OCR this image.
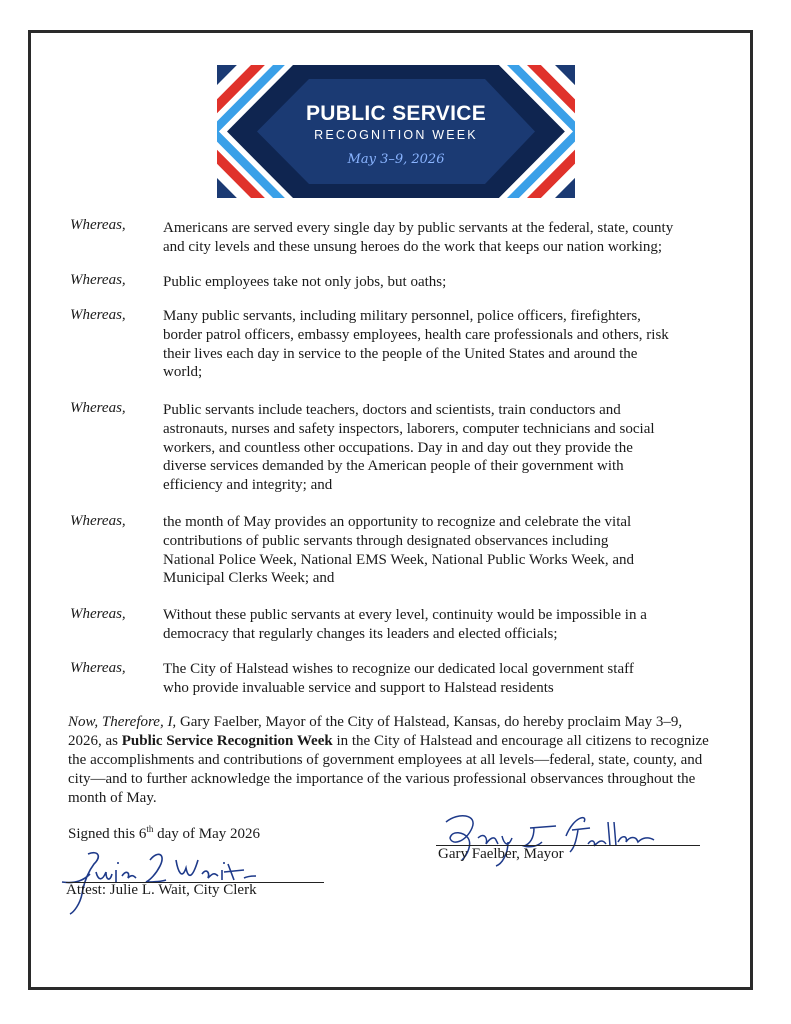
PUBLIC SERVICE
RECOGNITION WEEK
May 3–9, 2026
Whereas, Americans are served every single day by public servants at the federal, state, county
and city levels and these unsung heroes do the work that keeps our nation working;
Whereas, Public employees take not only jobs, but oaths;
Whereas, Many public servants, including military personnel, police officers, firefighters,
border patrol officers, embassy employees, health care professionals and others, risk
their lives each day in service to the people of the United States and around the
world;
Whereas, Public servants include teachers, doctors and scientists, train conductors and
astronauts, nurses and safety inspectors, laborers, computer technicians and social
workers, and countless other occupations. Day in and day out they provide the
diverse services demanded by the American people of their government with
efficiency and integrity; and
Whereas, the month of May provides an opportunity to recognize and celebrate the vital
contributions of public servants through designated observances including
National Police Week, National EMS Week, National Public Works Week, and
Municipal Clerks Week; and
Whereas, Without these public servants at every level, continuity would be impossible in a
democracy that regularly changes its leaders and elected officials;
Whereas, The City of Halstead wishes to recognize our dedicated local government staff
who provide invaluable service and support to Halstead residents
Now, Therefore, I, Gary Faelber, Mayor of the City of Halstead, Kansas, do hereby proclaim May 3–9, 2026, as Public Service Recognition Week in the City of Halstead and encourage all citizens to recognize the accomplishments and contributions of government employees at all levels—federal, state, county, and city—and to further acknowledge the importance of the various professional observances throughout the month of May.
Signed this 6th day of May 2026
Gary Faelber, Mayor
Attest: Julie L. Wait, City Clerk
